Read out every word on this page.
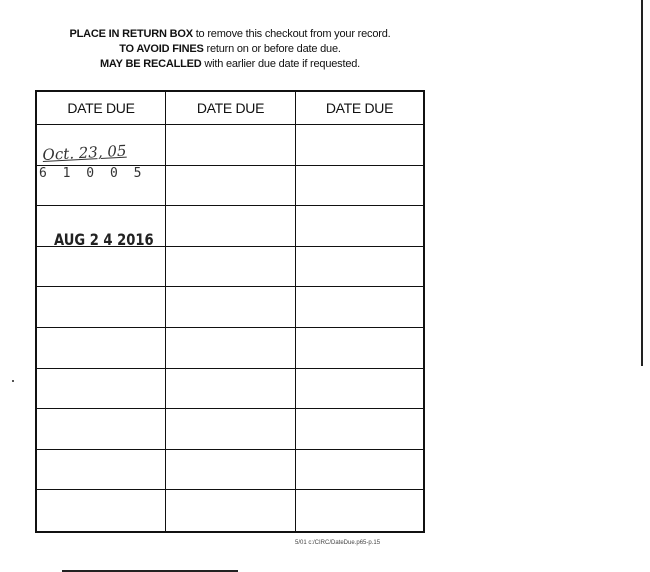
PLACE IN RETURN BOX to remove this checkout from your record.
TO AVOID FINES return on or before date due.
MAY BE RECALLED with earlier due date if requested.
DATE DUE	DATE DUE	DATE DUE
Oct. 23, 05
6 1 0 0 5
AUG 2 4 2016
5/01 c:/CIRC/DateDue.p65-p.15
